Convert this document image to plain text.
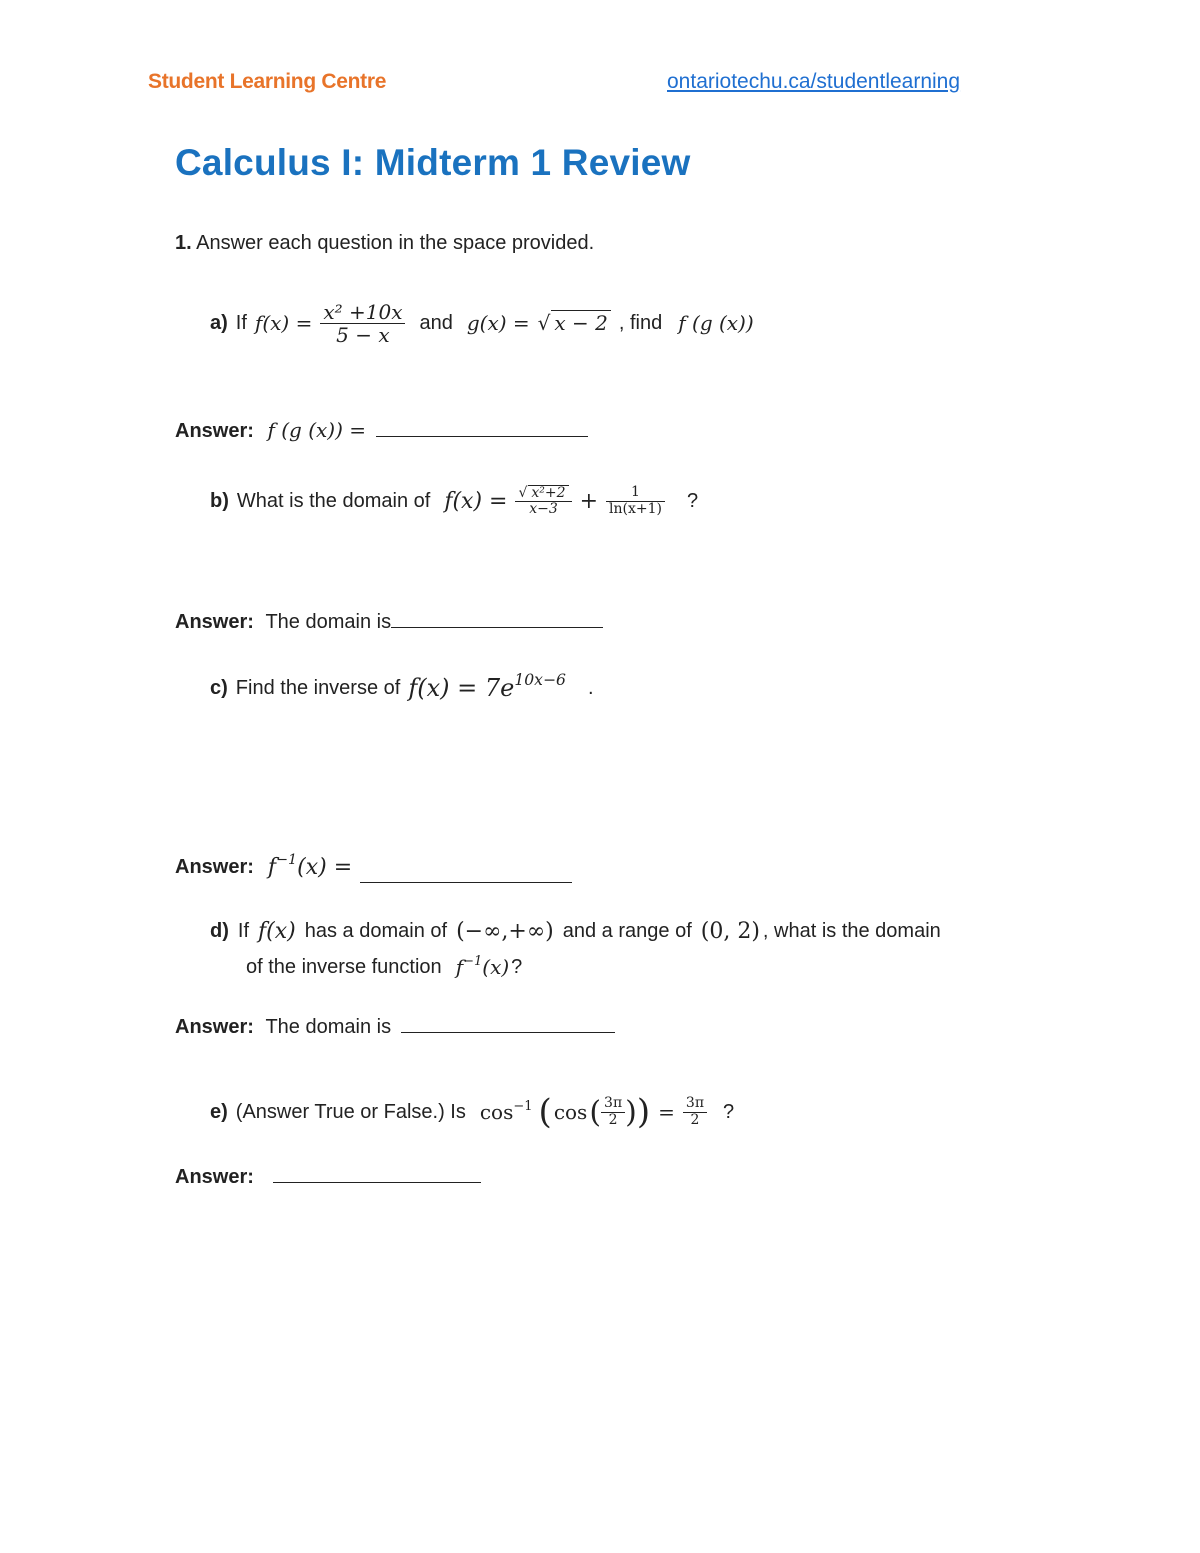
Student Learning Centre	ontariotechu.ca/studentlearning
Calculus I: Midterm 1 Review
1. Answer each question in the space provided.
a) If $f(x) = \frac{\text{x² +10x}}{5 - x}$ and g(x) = √ x − 2 , find f (g (x))
Answer: f (g (x)) =
b) What is the domain of $f(x) = \frac{\text{√ x²+2}}{x-3} + \frac{1}{\ln(x+1)}$ ?
Answer: The domain is
c) Find the inverse of $f(x) = 7e^{10x-6}$ .
Answer: $f^{-1}(x)$ =
d) If f(x) has a domain of (−∞,+∞) and a range of (0, 2) , what is the domain
of the inverse function $f^{-1}(x)$ ?
Answer: The domain is
e) (Answer True or False.) Is $\cos^{-1}$ ( cos ( $\frac{3\pi}{2}$ ) ) = $\frac{3\pi}{2}$ ?
Answer:
